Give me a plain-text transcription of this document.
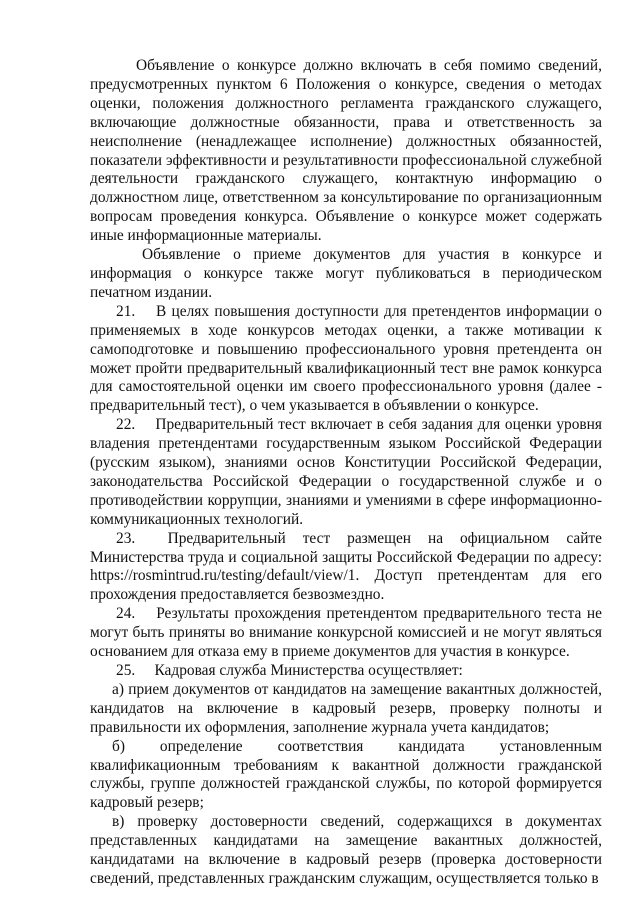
Объявление о конкурсе должно включать в себя помимо сведений, предусмотренных пунктом 6 Положения о конкурсе, сведения о методах оценки, положения должностного регламента гражданского служащего, включающие должностные обязанности, права и ответственность за неисполнение (ненадлежащее исполнение) должностных обязанностей, показатели эффективности и результативности профессиональной служебной деятельности гражданского служащего, контактную информацию о должностном лице, ответственном за консультирование по организационным вопросам проведения конкурса. Объявление о конкурсе может содержать иные информационные материалы.

Объявление о приеме документов для участия в конкурсе и информация о конкурсе также могут публиковаться в периодическом печатном издании.

21.  В целях повышения доступности для претендентов информации о применяемых в ходе конкурсов методах оценки, а также мотивации к самоподготовке и повышению профессионального уровня претендента он может пройти предварительный квалификационный тест вне рамок конкурса для самостоятельной оценки им своего профессионального уровня (далее - предварительный тест), о чем указывается в объявлении о конкурсе.

22.  Предварительный тест включает в себя задания для оценки уровня владения претендентами государственным языком Российской Федерации (русским языком), знаниями основ Конституции Российской Федерации, законодательства Российской Федерации о государственной службе и о противодействии коррупции, знаниями и умениями в сфере информационно-коммуникационных технологий.

23.  Предварительный тест размещен на официальном сайте Министерства труда и социальной защиты Российской Федерации по адресу: https://rosmintrud.ru/testing/default/view/1. Доступ претендентам для его прохождения предоставляется безвозмездно.

24.  Результаты прохождения претендентом предварительного теста не могут быть приняты во внимание конкурсной комиссией и не могут являться основанием для отказа ему в приеме документов для участия в конкурсе.

25.  Кадровая служба Министерства осуществляет:

а) прием документов от кандидатов на замещение вакантных должностей, кандидатов на включение в кадровый резерв, проверку полноты и правильности их оформления, заполнение журнала учета кандидатов;

б) определение соответствия кандидата установленным квалификационным требованиям к вакантной должности гражданской службы, группе должностей гражданской службы, по которой формируется кадровый резерв;

в) проверку достоверности сведений, содержащихся в документах представленных кандидатами на замещение вакантных должностей, кандидатами на включение в кадровый резерв (проверка достоверности сведений, представленных гражданским служащим, осуществляется только в
